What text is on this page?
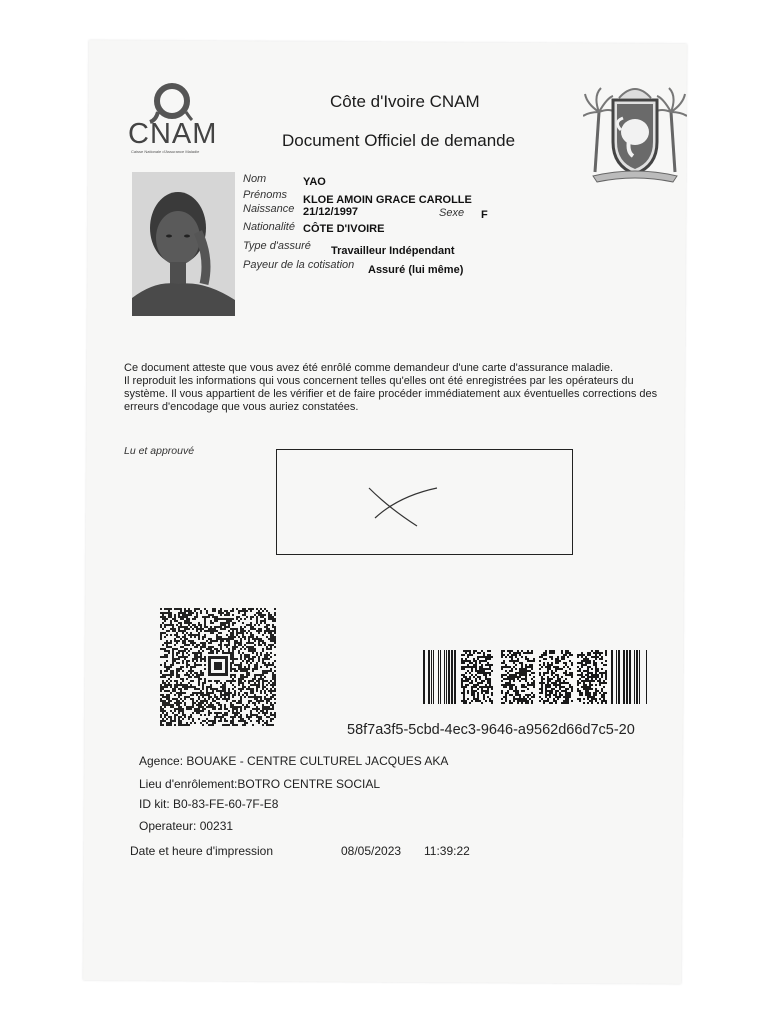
CNAM
Caisse Nationale d'Assurance Maladie
Côte d'Ivoire CNAM
Document Officiel de demande
Nom	YAO
Prénoms KLOE AMOIN GRACE CAROLLE
Naissance 21/12/1997	Sexe F
Nationalité CÔTE D'IVOIRE
Type d'assuré Travailleur Indépendant
Payeur de la cotisation Assuré (lui même)
Ce document atteste que vous avez été enrôlé comme demandeur d'une carte d'assurance maladie.
Il reproduit les informations qui vous concernent telles qu'elles ont été enregistrées par les opérateurs du
système. Il vous appartient de les vérifier et de faire procéder immédiatement aux éventuelles corrections des
erreurs d'encodage que vous auriez constatées.
Lu et approuvé
58f7a3f5-5cbd-4ec3-9646-a9562d66d7c5-20
Agence: BOUAKE - CENTRE CULTUREL JACQUES AKA
Lieu d'enrôlement:BOTRO CENTRE SOCIAL
ID kit: B0-83-FE-60-7F-E8
Operateur: 00231
Date et heure d'impression	08/05/2023 11:39:22
